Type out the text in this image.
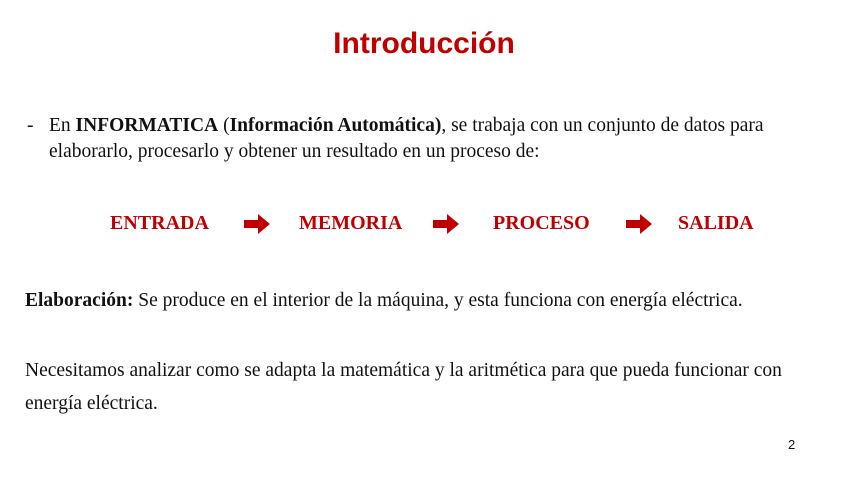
Introducción
- En INFORMATICA (Información Automática), se trabaja con un conjunto de datos para elaborarlo, procesarlo y obtener un resultado en un proceso de:
ENTRADA	MEMORIA	PROCESO	SALIDA
Elaboración: Se produce en el interior de la máquina, y esta funciona con energía eléctrica.
Necesitamos analizar como se adapta la matemática y la aritmética para que pueda funcionar con energía eléctrica.
2
